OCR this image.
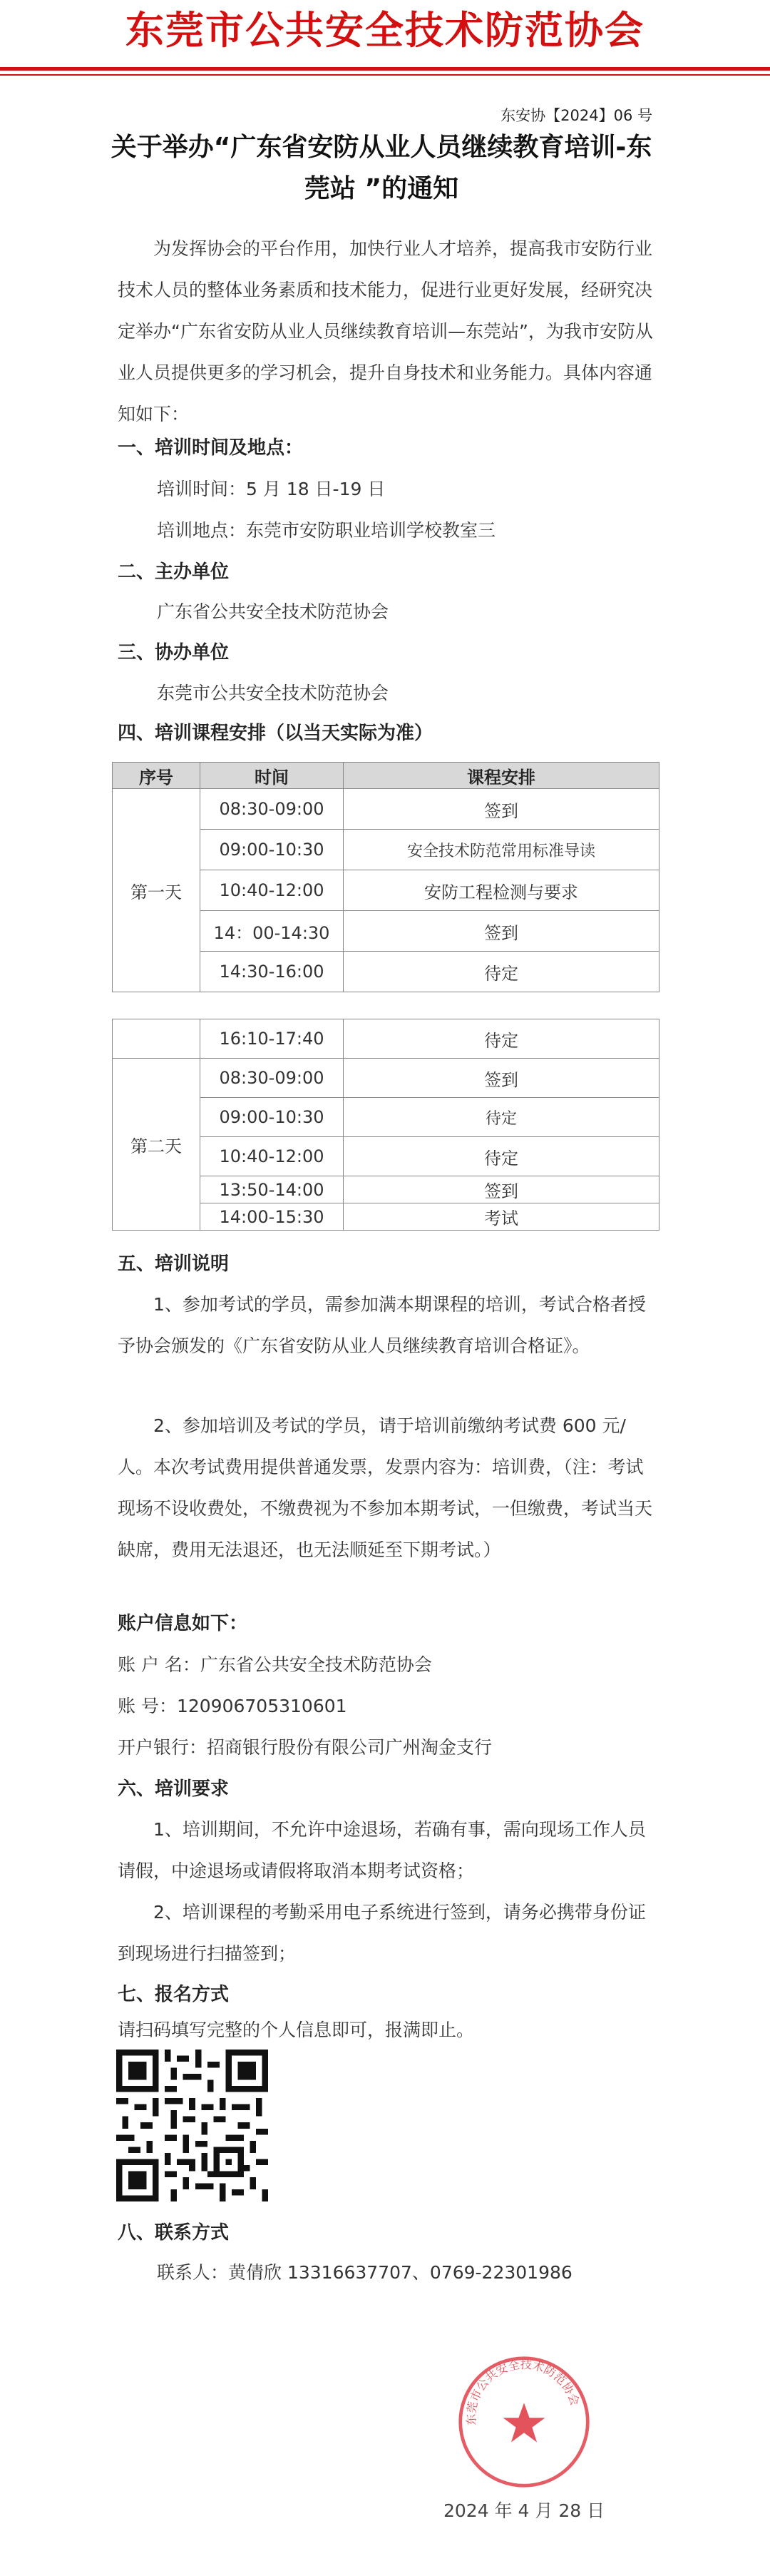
东莞市公共安全技术防范协会
东安协【2024】06 号
关于举办“广东省安防从业人员继续教育培训-东莞站 ”的通知
为发挥协会的平台作用，加快行业人才培养，提高我市安防行业技术人员的整体业务素质和技术能力，促进行业更好发展，经研究决定举办“广东省安防从业人员继续教育培训—东莞站”，为我市安防从业人员提供更多的学习机会，提升自身技术和业务能力。具体内容通知如下：
一、培训时间及地点：
培训时间：5 月 18 日-19 日
培训地点：东莞市安防职业培训学校教室三
二、主办单位
广东省公共安全技术防范协会
三、协办单位
东莞市公共安全技术防范协会
四、培训课程安排（以当天实际为准）
序号	时间	课程安排
第一天	08:30-09:00	签到
	09:00-10:30	安全技术防范常用标准导读
	10:40-12:00	安防工程检测与要求
	14：00-14:30	签到
	14:30-16:00	待定
	16:10-17:40	待定
第二天	08:30-09:00	签到
	09:00-10:30	待定
	10:40-12:00	待定
	13:50-14:00	签到
	14:00-15:30	考试
五、培训说明
1、参加考试的学员，需参加满本期课程的培训，考试合格者授予协会颁发的《广东省安防从业人员继续教育培训合格证》。
2、参加培训及考试的学员，请于培训前缴纳考试费 600 元/人。本次考试费用提供普通发票，发票内容为：培训费，（注：考试现场不设收费处，不缴费视为不参加本期考试，一但缴费，考试当天缺席，费用无法退还，也无法顺延至下期考试。）
账户信息如下：
账 户 名：广东省公共安全技术防范协会
账 号：120906705310601
开户银行：招商银行股份有限公司广州淘金支行
六、培训要求
1、培训期间，不允许中途退场，若确有事，需向现场工作人员请假，中途退场或请假将取消本期考试资格；
2、培训课程的考勤采用电子系统进行签到，请务必携带身份证到现场进行扫描签到；
七、报名方式
请扫码填写完整的个人信息即可，报满即止。
八、联系方式
联系人：黄倩欣 13316637707、0769-22301986
东莞市公共安全技术防范协会
2024 年 4 月 28 日
